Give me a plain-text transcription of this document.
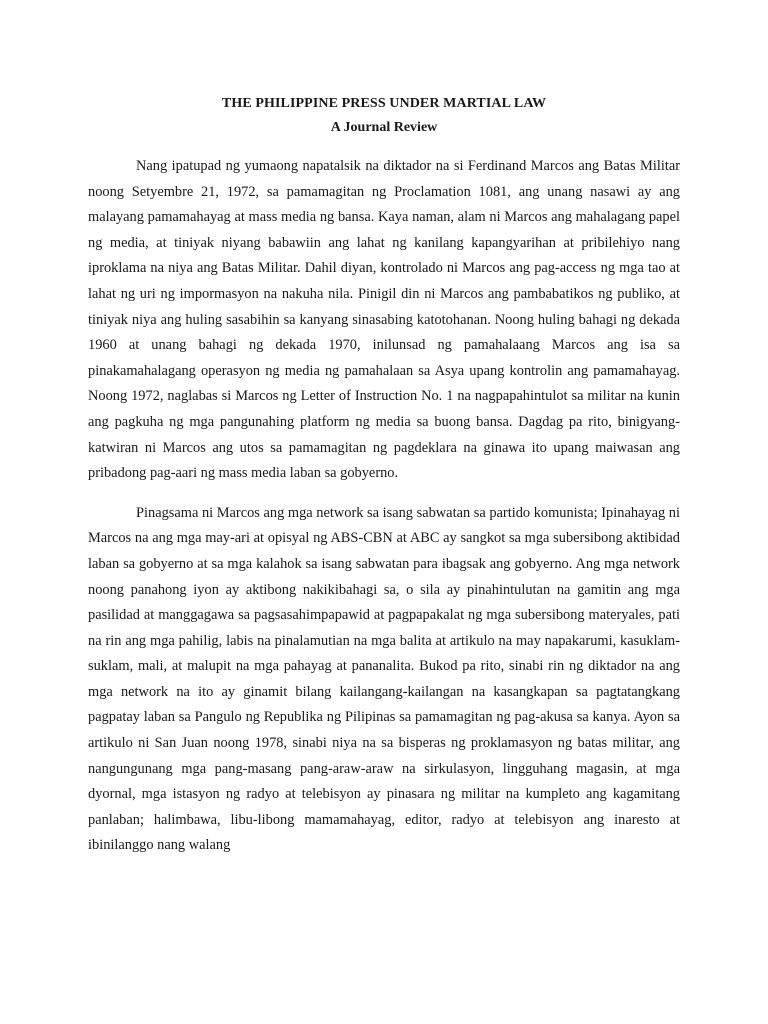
THE PHILIPPINE PRESS UNDER MARTIAL LAW
A Journal Review

Nang ipatupad ng yumaong napatalsik na diktador na si Ferdinand Marcos ang Batas Militar noong Setyembre 21, 1972, sa pamamagitan ng Proclamation 1081, ang unang nasawi ay ang malayang pamamahayag at mass media ng bansa. Kaya naman, alam ni Marcos ang mahalagang papel ng media, at tiniyak niyang babawiin ang lahat ng kanilang kapangyarihan at pribilehiyo nang iproklama na niya ang Batas Militar. Dahil diyan, kontrolado ni Marcos ang pag-access ng mga tao at lahat ng uri ng impormasyon na nakuha nila. Pinigil din ni Marcos ang pambabatikos ng publiko, at tiniyak niya ang huling sasabihin sa kanyang sinasabing katotohanan. Noong huling bahagi ng dekada 1960 at unang bahagi ng dekada 1970, inilunsad ng pamahalaang Marcos ang isa sa pinakamahalagang operasyon ng media ng pamahalaan sa Asya upang kontrolin ang pamamahayag. Noong 1972, naglabas si Marcos ng Letter of Instruction No. 1 na nagpapahintulot sa militar na kunin ang pagkuha ng mga pangunahing platform ng media sa buong bansa. Dagdag pa rito, binigyang-katwiran ni Marcos ang utos sa pamamagitan ng pagdeklara na ginawa ito upang maiwasan ang pribadong pag-aari ng mass media laban sa gobyerno.

Pinagsama ni Marcos ang mga network sa isang sabwatan sa partido komunista; Ipinahayag ni Marcos na ang mga may-ari at opisyal ng ABS-CBN at ABC ay sangkot sa mga subersibong aktibidad laban sa gobyerno at sa mga kalahok sa isang sabwatan para ibagsak ang gobyerno. Ang mga network noong panahong iyon ay aktibong nakikibahagi sa, o sila ay pinahintulutan na gamitin ang mga pasilidad at manggagawa sa pagsasahimpapawid at pagpapakalat ng mga subersibong materyales, pati na rin ang mga pahilig, labis na pinalamutian na mga balita at artikulo na may napakarumi, kasuklam-suklam, mali, at malupit na mga pahayag at pananalita. Bukod pa rito, sinabi rin ng diktador na ang mga network na ito ay ginamit bilang kailangang-kailangan na kasangkapan sa pagtatangkang pagpatay laban sa Pangulo ng Republika ng Pilipinas sa pamamagitan ng pag-akusa sa kanya. Ayon sa artikulo ni San Juan noong 1978, sinabi niya na sa bisperas ng proklamasyon ng batas militar, ang nangungunang mga pang-masang pang-araw-araw na sirkulasyon, lingguhang magasin, at mga dyornal, mga istasyon ng radyo at telebisyon ay pinasara ng militar na kumpleto ang kagamitang panlaban; halimbawa, libu-libong mamamahayag, editor, radyo at telebisyon ang inaresto at ibinilanggo nang walang
